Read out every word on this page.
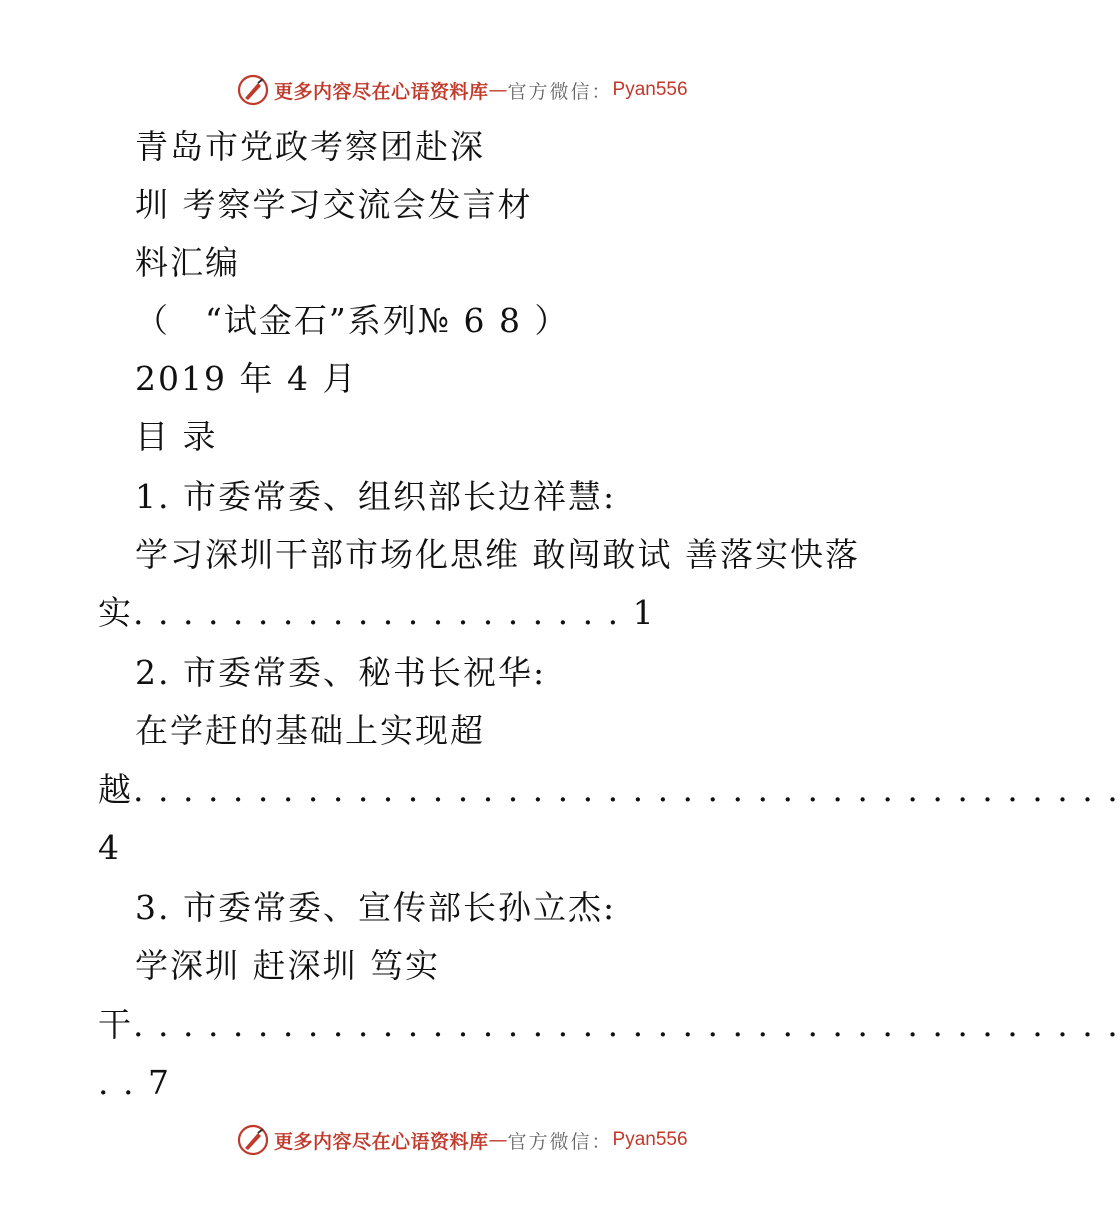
更多内容尽在心语资料库 — 官方微信： Pyan556
青岛市党政考察团赴深
圳 考察学习交流会发言材
料汇编
（　“试金石”系列№ 6 8 ）
2019 年 4 月
目 录
1. 市委常委、组织部长边祥慧:
学习深圳干部市场化思维 敢闯敢试 善落实快落
实. . . . . . . . . . . . . . . . . . . . 1
2. 市委常委、秘书长祝华:
在学赶的基础上实现超
越. . . . . . . . . . . . . . . . . . . . . . . . . . . . . . . . . . . . . . . .
4
3. 市委常委、宣传部长孙立杰:
学深圳 赶深圳 笃实
干. . . . . . . . . . . . . . . . . . . . . . . . . . . . . . . . . . . . . . . .
. . 7
更多内容尽在心语资料库 — 官方微信： Pyan556
